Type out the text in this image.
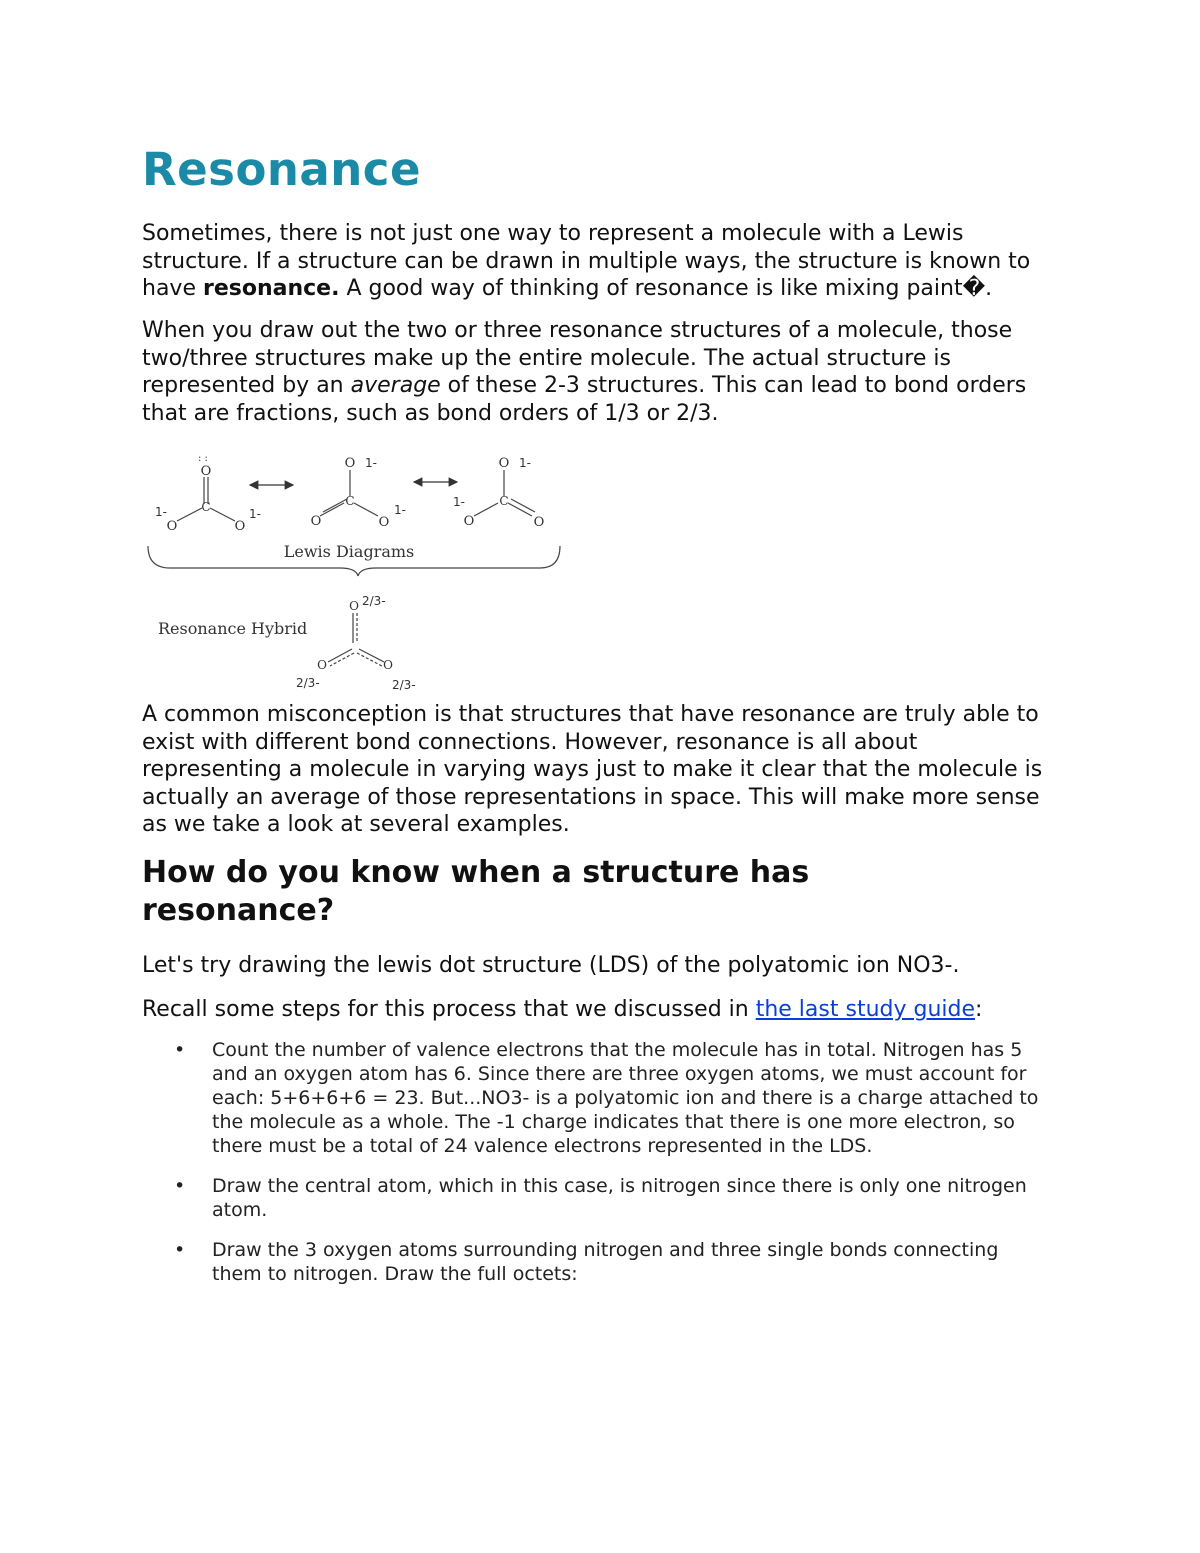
Resonance

Sometimes, there is not just one way to represent a molecule with a Lewis structure. If a structure can be drawn in multiple ways, the structure is known to have resonance. A good way of thinking of resonance is like mixing paint�.

When you draw out the two or three resonance structures of a molecule, those two/three structures make up the entire molecule. The actual structure is represented by an average of these 2-3 structures. This can lead to bond orders that are fractions, such as bond orders of 1/3 or 2/3.

A common misconception is that structures that have resonance are truly able to exist with different bond connections. However, resonance is all about representing a molecule in varying ways just to make it clear that the molecule is actually an average of those representations in space. This will make more sense as we take a look at several examples.

How do you know when a structure has resonance?

Let's try drawing the lewis dot structure (LDS) of the polyatomic ion NO3-.

Recall some steps for this process that we discussed in the last study guide:

• Count the number of valence electrons that the molecule has in total. Nitrogen has 5 and an oxygen atom has 6. Since there are three oxygen atoms, we must account for each: 5+6+6+6 = 23. But...NO3- is a polyatomic ion and there is a charge attached to the molecule as a whole. The -1 charge indicates that there is one more electron, so there must be a total of 24 valence electrons represented in the LDS.
• Draw the central atom, which in this case, is nitrogen since there is only one nitrogen atom.
• Draw the 3 oxygen atoms surrounding nitrogen and three single bonds connecting them to nitrogen. Draw the full octets:
O
C
O	O
1-	1-
: :	O 1-
C
O	O
1-
O 1-
C
O	O
1-
Lewis Diagrams
Resonance Hybrid
O 2/3-
O	O
2/3-	2/3-
